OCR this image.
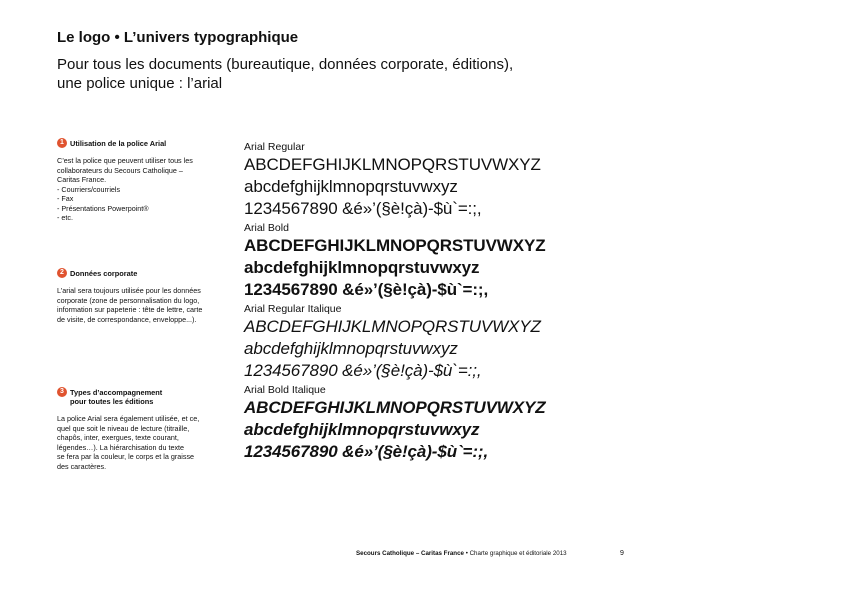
Le logo • L’univers typographique

Pour tous les documents (bureautique, données corporate, éditions), une police unique : l’arial

1 Utilisation de la police Arial
C’est la police que peuvent utiliser tous les
collaborateurs du Secours Catholique –
Caritas France.
- Courriers/courriels
- Fax
- Présentations Powerpoint®
- etc.
2 Données corporate
L’arial sera toujours utilisée pour les données
corporate (zone de personnalisation du logo,
information sur papeterie : tête de lettre, carte
de visite, de correspondance, enveloppe...).
3 Types d’accompagnement
pour toutes les éditions
La police Arial sera également utilisée, et ce,
quel que soit le niveau de lecture (titraille,
chapôs, inter, exergues, texte courant,
légendes…). La hiérarchisation du texte
se fera par la couleur, le corps et la graisse
des caractères.
Arial Regular
ABCDEFGHIJKLMNOPQRSTUVWXYZ
abcdefghijklmnopqrstuvwxyz
1234567890 &é»’(§è!çà)-$ù`=:;,
Arial Bold
ABCDEFGHIJKLMNOPQRSTUVWXYZ
abcdefghijklmnopqrstuvwxyz
1234567890 &é»’(§è!çà)-$ù`=:;,
Arial Regular Italique
ABCDEFGHIJKLMNOPQRSTUVWXYZ
abcdefghijklmnopqrstuvwxyz
1234567890 &é»’(§è!çà)-$ù`=:;,
Arial Bold Italique
ABCDEFGHIJKLMNOPQRSTUVWXYZ
abcdefghijklmnopqrstuvwxyz
1234567890 &é»’(§è!çà)-$ù`=:;,
Secours Catholique – Caritas France • Charte graphique et éditoriale 2013	9
